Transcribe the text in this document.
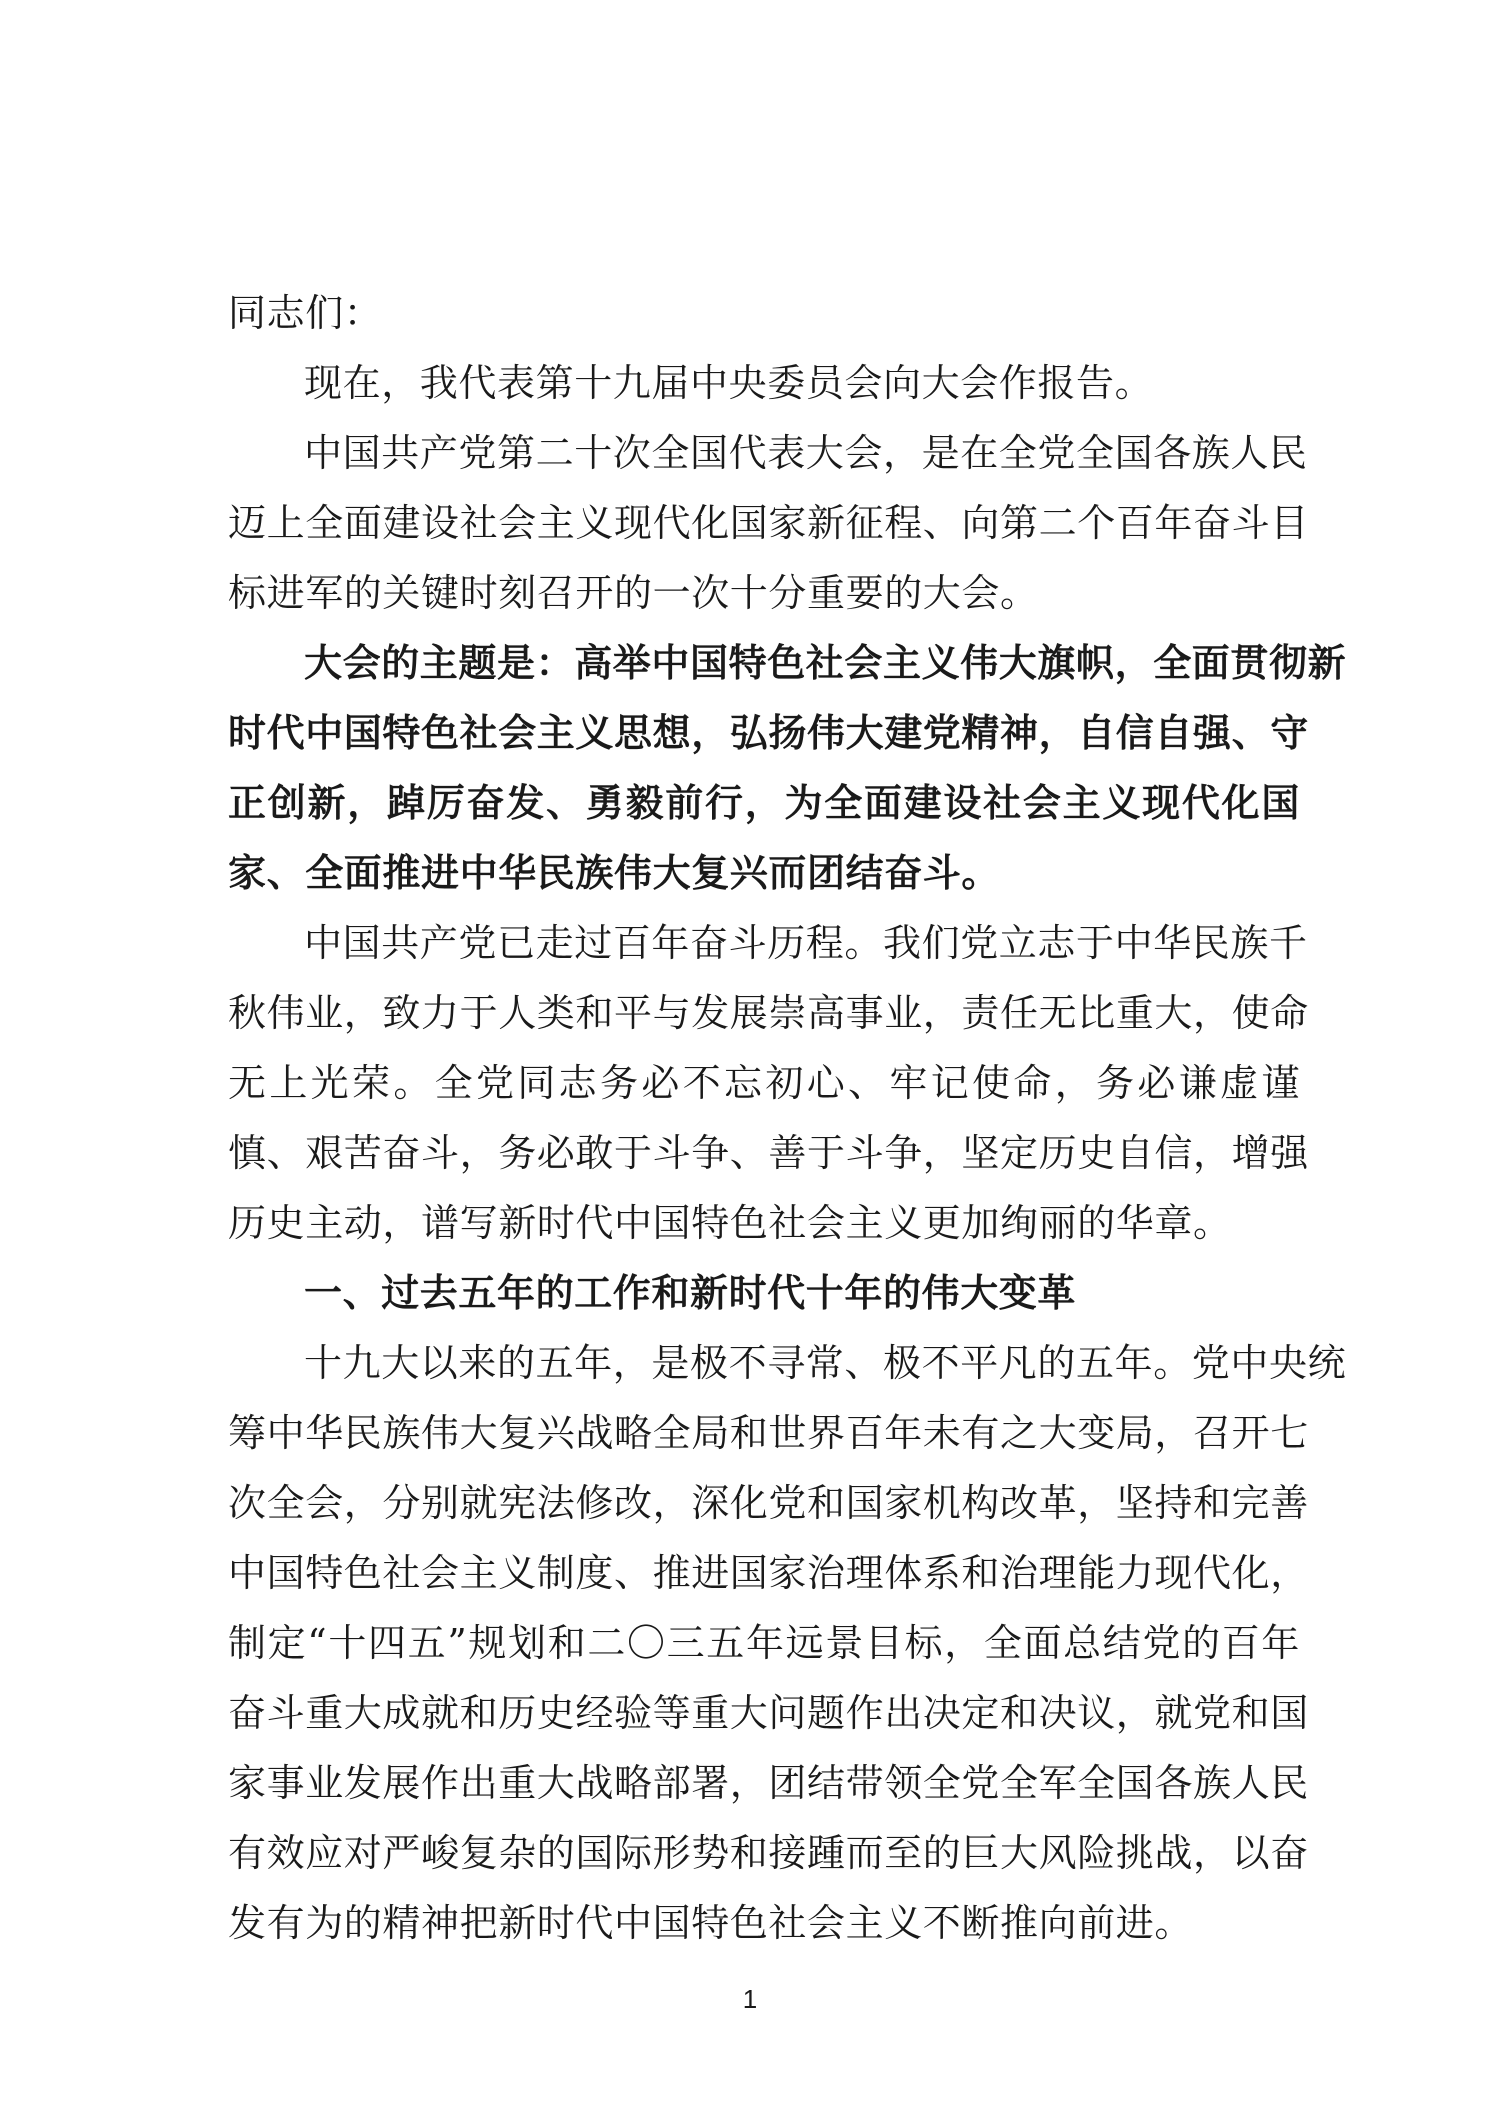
同志们：
现在，我代表第十九届中央委员会向大会作报告。
中国共产党第二十次全国代表大会，是在全党全国各族人民
迈上全面建设社会主义现代化国家新征程、向第二个百年奋斗目
标进军的关键时刻召开的一次十分重要的大会。
大会的主题是：高举中国特色社会主义伟大旗帜，全面贯彻新
时代中国特色社会主义思想，弘扬伟大建党精神，自信自强、守
正创新，踔厉奋发、勇毅前行，为全面建设社会主义现代化国
家、全面推进中华民族伟大复兴而团结奋斗。
中国共产党已走过百年奋斗历程。我们党立志于中华民族千
秋伟业，致力于人类和平与发展崇高事业，责任无比重大，使命
无上光荣。全党同志务必不忘初心、牢记使命，务必谦虚谨
慎、艰苦奋斗，务必敢于斗争、善于斗争，坚定历史自信，增强
历史主动，谱写新时代中国特色社会主义更加绚丽的华章。
一、过去五年的工作和新时代十年的伟大变革
十九大以来的五年，是极不寻常、极不平凡的五年。党中央统
筹中华民族伟大复兴战略全局和世界百年未有之大变局，召开七
次全会，分别就宪法修改，深化党和国家机构改革，坚持和完善
中国特色社会主义制度、推进国家治理体系和治理能力现代化，
制定“十四五”规划和二〇三五年远景目标，全面总结党的百年
奋斗重大成就和历史经验等重大问题作出决定和决议，就党和国
家事业发展作出重大战略部署，团结带领全党全军全国各族人民
有效应对严峻复杂的国际形势和接踵而至的巨大风险挑战，以奋
发有为的精神把新时代中国特色社会主义不断推向前进。
1
